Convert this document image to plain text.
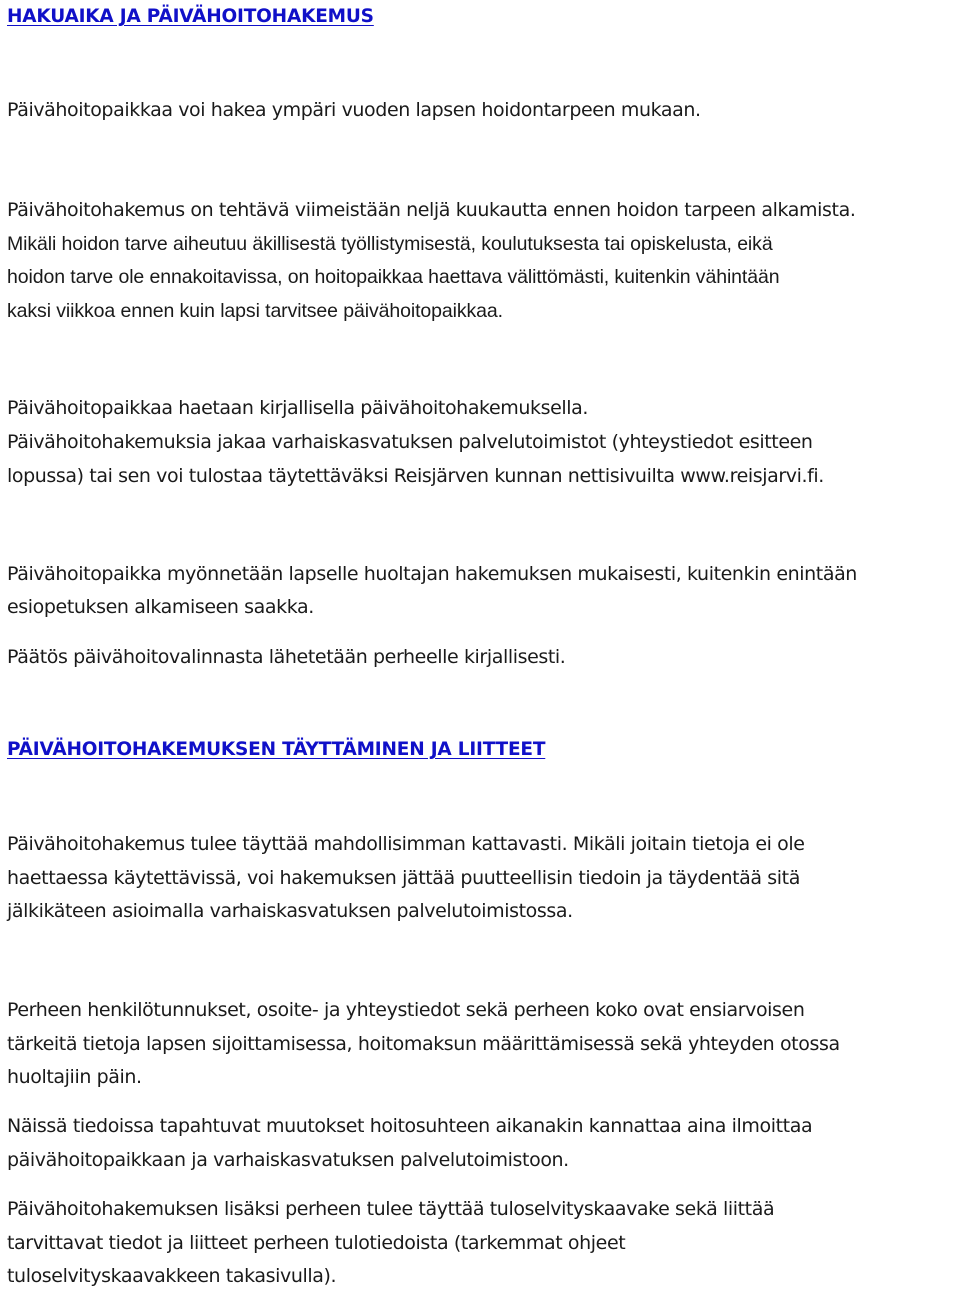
HAKUAIKA JA PÄIVÄHOITOHAKEMUS
Päivähoitopaikkaa voi hakea ympäri vuoden lapsen hoidontarpeen mukaan.
Päivähoitohakemus on tehtävä viimeistään neljä kuukautta ennen hoidon tarpeen alkamista.
Mikäli hoidon tarve aiheutuu äkillisestä työllistymisestä, koulutuksesta tai opiskelusta, eikä
hoidon tarve ole ennakoitavissa, on hoitopaikkaa haettava välittömästi, kuitenkin vähintään
kaksi viikkoa ennen kuin lapsi tarvitsee päivähoitopaikkaa.
Päivähoitopaikkaa haetaan kirjallisella päivähoitohakemuksella.
Päivähoitohakemuksia jakaa varhaiskasvatuksen palvelutoimistot (yhteystiedot esitteen
lopussa) tai sen voi tulostaa täytettäväksi Reisjärven kunnan nettisivuilta www.reisjarvi.fi.
Päivähoitopaikka myönnetään lapselle huoltajan hakemuksen mukaisesti, kuitenkin enintään
esiopetuksen alkamiseen saakka.
Päätös päivähoitovalinnasta lähetetään perheelle kirjallisesti.
PÄIVÄHOITOHAKEMUKSEN TÄYTTÄMINEN JA LIITTEET
Päivähoitohakemus tulee täyttää mahdollisimman kattavasti. Mikäli joitain tietoja ei ole
haettaessa käytettävissä, voi hakemuksen jättää puutteellisin tiedoin ja täydentää sitä
jälkikäteen asioimalla varhaiskasvatuksen palvelutoimistossa.
Perheen henkilötunnukset, osoite- ja yhteystiedot sekä perheen koko ovat ensiarvoisen
tärkeitä tietoja lapsen sijoittamisessa, hoitomaksun määrittämisessä sekä yhteyden otossa
huoltajiin päin.
Näissä tiedoissa tapahtuvat muutokset hoitosuhteen aikanakin kannattaa aina ilmoittaa
päivähoitopaikkaan ja varhaiskasvatuksen palvelutoimistoon.
Päivähoitohakemuksen lisäksi perheen tulee täyttää tuloselvityskaavake sekä liittää
tarvittavat tiedot ja liitteet perheen tulotiedoista (tarkemmat ohjeet
tuloselvityskaavakkeen takasivulla).
